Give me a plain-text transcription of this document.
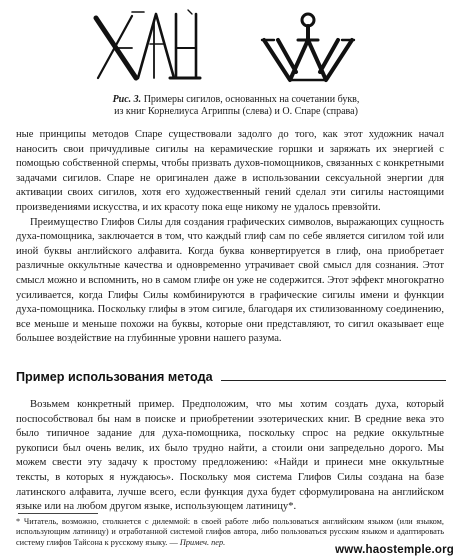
Рис. 3. Примеры сигилов, основанных на сочетании букв,
из книг Корнелиуса Агриппы (слева) и О. Спаре (справа)

ные принципы методов Спаре существовали задолго до того, как этот художник начал наносить свои причудливые сигилы на керамические горшки и заряжать их энергией с помощью собственной спермы, чтобы призвать духов-помощников, связанных с конкретными задачами сигилов. Спаре не оригинален даже в использовании сексуальной энергии для активации своих сигилов, хотя его художественный гений сделал эти сигилы настоящими произведениями искусства, и их красоту пока еще никому не удалось превзойти.

Преимущество Глифов Силы для создания графических символов, выражающих сущность духа-помощника, заключается в том, что каждый глиф сам по себе является сигилом той или иной буквы английского алфавита. Когда буква конвертируется в глиф, она приобретает различные оккультные качества и одновременно утрачивает свой смысл для сознания. Этот смысл можно и вспомнить, но в самом глифе он уже не содержится. Этот эффект многократно усиливается, когда Глифы Силы комбинируются в графические сигилы имени и функции духа-помощника. Поскольку глифы в этом сигиле, благодаря их стилизованному соединению, все меньше и меньше похожи на буквы, которые они представляют, то сигил оказывает еще большее воздействие на глубинные уровни нашего разума.

Пример использования метода

Возьмем конкретный пример. Предположим, что мы хотим создать духа, который поспособствовал бы нам в поиске и приобретении эзотерических книг. В средние века это было типичное задание для духа-помощника, поскольку спрос на редкие оккультные рукописи был очень велик, их было трудно найти, а стоили они запредельно дорого. Мы можем свести эту задачу к простому предложению: «Найди и принеси мне оккультные тексты, в которых я нуждаюсь». Поскольку моя система Глифов Силы создана на базе латинского алфавита, лучше всего, если функция духа будет сформулирована на английском языке или на любом другом языке, использующем латиницу*.

* Читатель, возможно, столкнется с дилеммой: в своей работе либо пользоваться английским языком (или языком, использующим латиницу) и отработанной системой глифов автора, либо пользоваться русским языком и адаптировать систему глифов Тайсона к русскому языку. — Примеч. пер.

www.haostemple.org
